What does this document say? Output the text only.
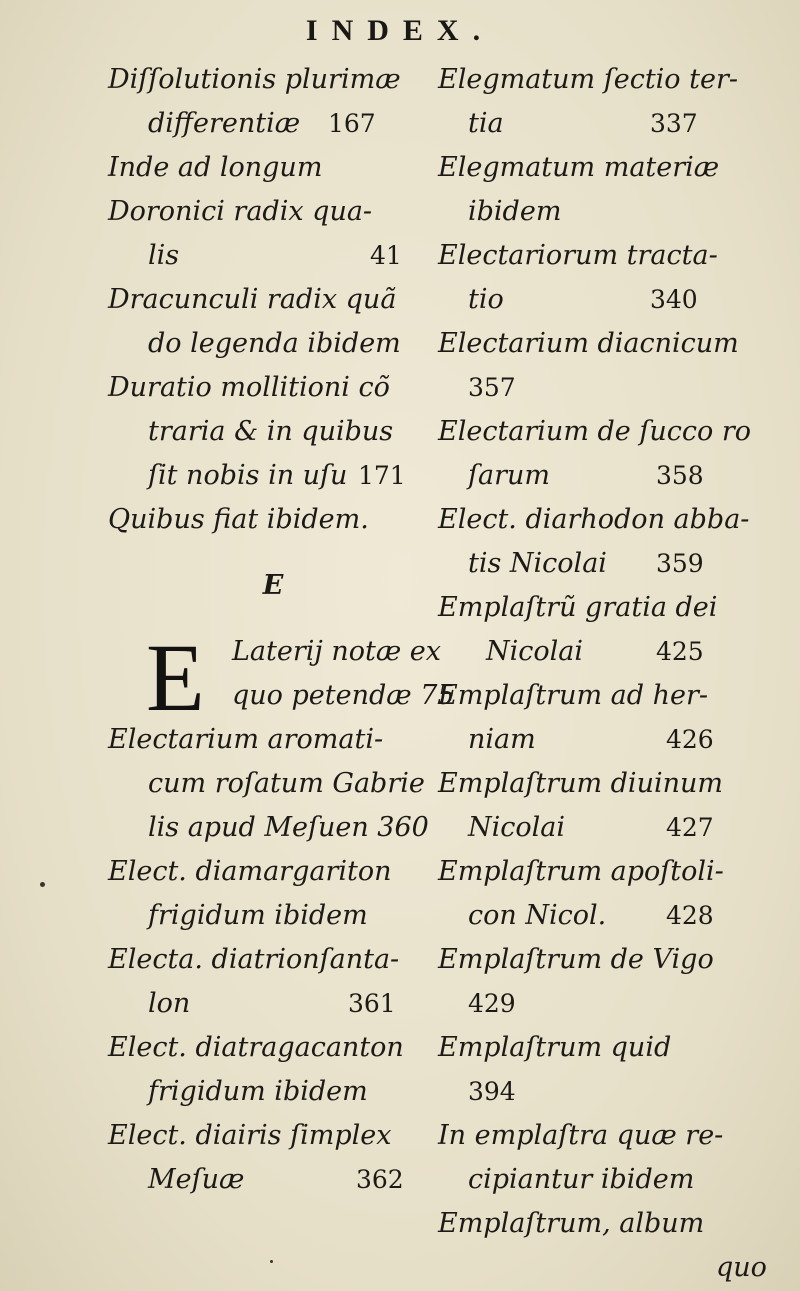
INDEX.
Diſſolutionis plurimæ
differentiæ 167
Inde ad longum
Doronici radix qua-
lis	41
Dracunculi radix quã
do legenda ibidem
Duratio mollitioni cõ
traria & in quibus
ſit nobis in uſu 171
Quibus fiat ibidem.
E
E	Laterij notæ ex
quo petendæ 75
Electarium aromati-
cum roſatum Gabrie
lis apud Meſuen 360
Elect. diamargariton
frigidum ibidem
Electa. diatrionſanta-
lon	361
Elect. diatragacanton
frigidum ibidem
Elect. diairis ſimplex
Meſuæ	362
Elegmatum ſectio ter-
tia	337
Elegmatum materiæ
ibidem
Electariorum tracta-
tio	340
Electarium diacnicum
357
Electarium de ſucco ro
ſarum	358
Elect. diarhodon abba-
tis Nicolai 359
Emplaſtrũ gratia dei
Nicolai	425
Emplaſtrum ad her-
niam	426
Emplaſtrum diuinum
Nicolai	427
Emplaſtrum apoſtoli-
con Nicol. 428
Emplaſtrum de Vigo
429
Emplaſtrum quid
394
In emplaſtra quæ re-
cipiantur ibidem
Emplaſtrum, album
quo
